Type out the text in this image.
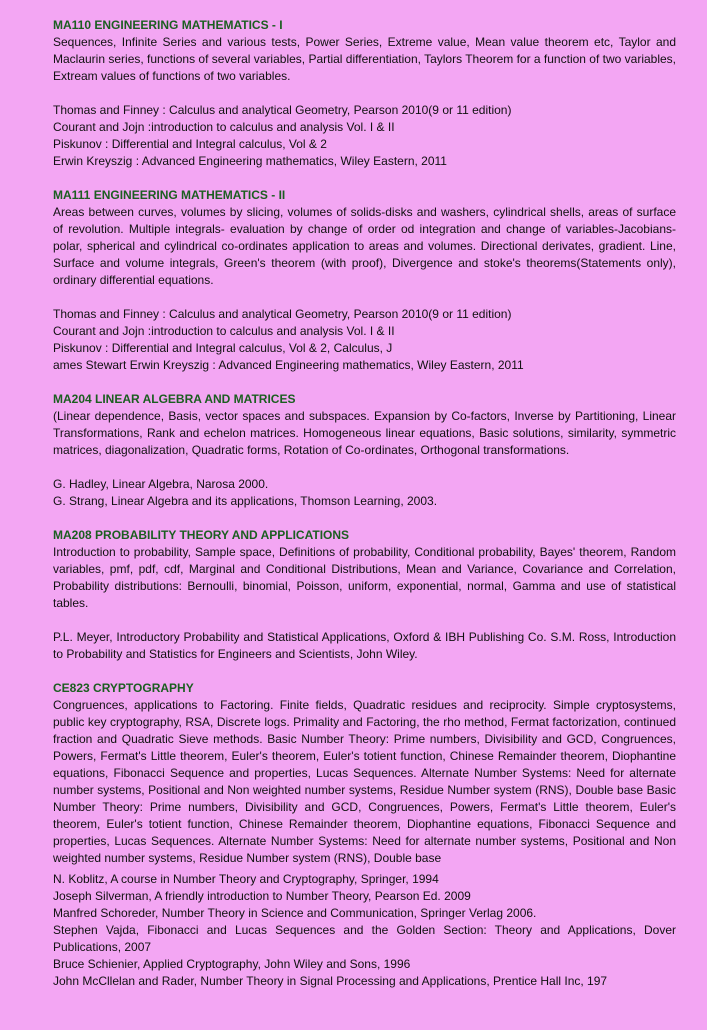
MA110 ENGINEERING MATHEMATICS - I

Sequences, Infinite Series and various tests, Power Series, Extreme value, Mean value theorem etc, Taylor and Maclaurin series, functions of several variables, Partial differentiation, Taylors Theorem for a function of two variables, Extream values of functions of two variables.

Thomas and Finney : Calculus and analytical Geometry, Pearson 2010(9 or 11 edition)
Courant and Jojn :introduction to calculus and analysis Vol. I & II
Piskunov : Differential and Integral calculus, Vol & 2
Erwin Kreyszig : Advanced Engineering mathematics, Wiley Eastern, 2011
MA111 ENGINEERING MATHEMATICS - II

Areas between curves, volumes by slicing, volumes of solids-disks and washers, cylindrical shells, areas of surface of revolution. Multiple integrals- evaluation by change of order od integration and change of variables-Jacobians-polar, spherical and cylindrical co-ordinates application to areas and volumes. Directional derivates, gradient. Line, Surface and volume integrals, Green's theorem (with proof), Divergence and stoke's theorems(Statements only), ordinary differential equations.

Thomas and Finney : Calculus and analytical Geometry, Pearson 2010(9 or 11 edition)
Courant and Jojn :introduction to calculus and analysis Vol. I & II
Piskunov : Differential and Integral calculus, Vol & 2, Calculus, J
ames Stewart Erwin Kreyszig : Advanced Engineering mathematics, Wiley Eastern, 2011
MA204 LINEAR ALGEBRA AND MATRICES

(Linear dependence, Basis, vector spaces and subspaces. Expansion by Co-factors, Inverse by Partitioning, Linear Transformations, Rank and echelon matrices. Homogeneous linear equations, Basic solutions, similarity, symmetric matrices, diagonalization, Quadratic forms, Rotation of Co-ordinates, Orthogonal transformations.

G. Hadley, Linear Algebra, Narosa 2000.
G. Strang, Linear Algebra and its applications, Thomson Learning, 2003.
MA208 PROBABILITY THEORY AND APPLICATIONS

Introduction to probability, Sample space, Definitions of probability, Conditional probability, Bayes' theorem, Random variables, pmf, pdf, cdf, Marginal and Conditional Distributions, Mean and Variance, Covariance and Correlation, Probability distributions: Bernoulli, binomial, Poisson, uniform, exponential, normal, Gamma and use of statistical tables.

P.L. Meyer, Introductory Probability and Statistical Applications, Oxford & IBH Publishing Co. S.M. Ross, Introduction to Probability and Statistics for Engineers and Scientists, John Wiley.
CE823 CRYPTOGRAPHY

Congruences, applications to Factoring. Finite fields, Quadratic residues and reciprocity. Simple cryptosystems, public key cryptography, RSA, Discrete logs. Primality and Factoring, the rho method, Fermat factorization, continued fraction and Quadratic Sieve methods. Basic Number Theory: Prime numbers, Divisibility and GCD, Congruences, Powers, Fermat's Little theorem, Euler's theorem, Euler's totient function, Chinese Remainder theorem, Diophantine equations, Fibonacci Sequence and properties, Lucas Sequences. Alternate Number Systems: Need for alternate number systems, Positional and Non weighted number systems, Residue Number system (RNS), Double base Basic Number Theory: Prime numbers, Divisibility and GCD, Congruences, Powers, Fermat's Little theorem, Euler's theorem, Euler's totient function, Chinese Remainder theorem, Diophantine equations, Fibonacci Sequence and properties, Lucas Sequences. Alternate Number Systems: Need for alternate number systems, Positional and Non weighted number systems, Residue Number system (RNS), Double base

N. Koblitz, A course in Number Theory and Cryptography, Springer, 1994
Joseph Silverman, A friendly introduction to Number Theory, Pearson Ed. 2009
Manfred Schoreder, Number Theory in Science and Communication, Springer Verlag 2006.
Stephen Vajda, Fibonacci and Lucas Sequences and the Golden Section: Theory and Applications, Dover Publications, 2007
Bruce Schienier, Applied Cryptography, John Wiley and Sons, 1996
John McCllelan and Rader, Number Theory in Signal Processing and Applications, Prentice Hall Inc, 197
